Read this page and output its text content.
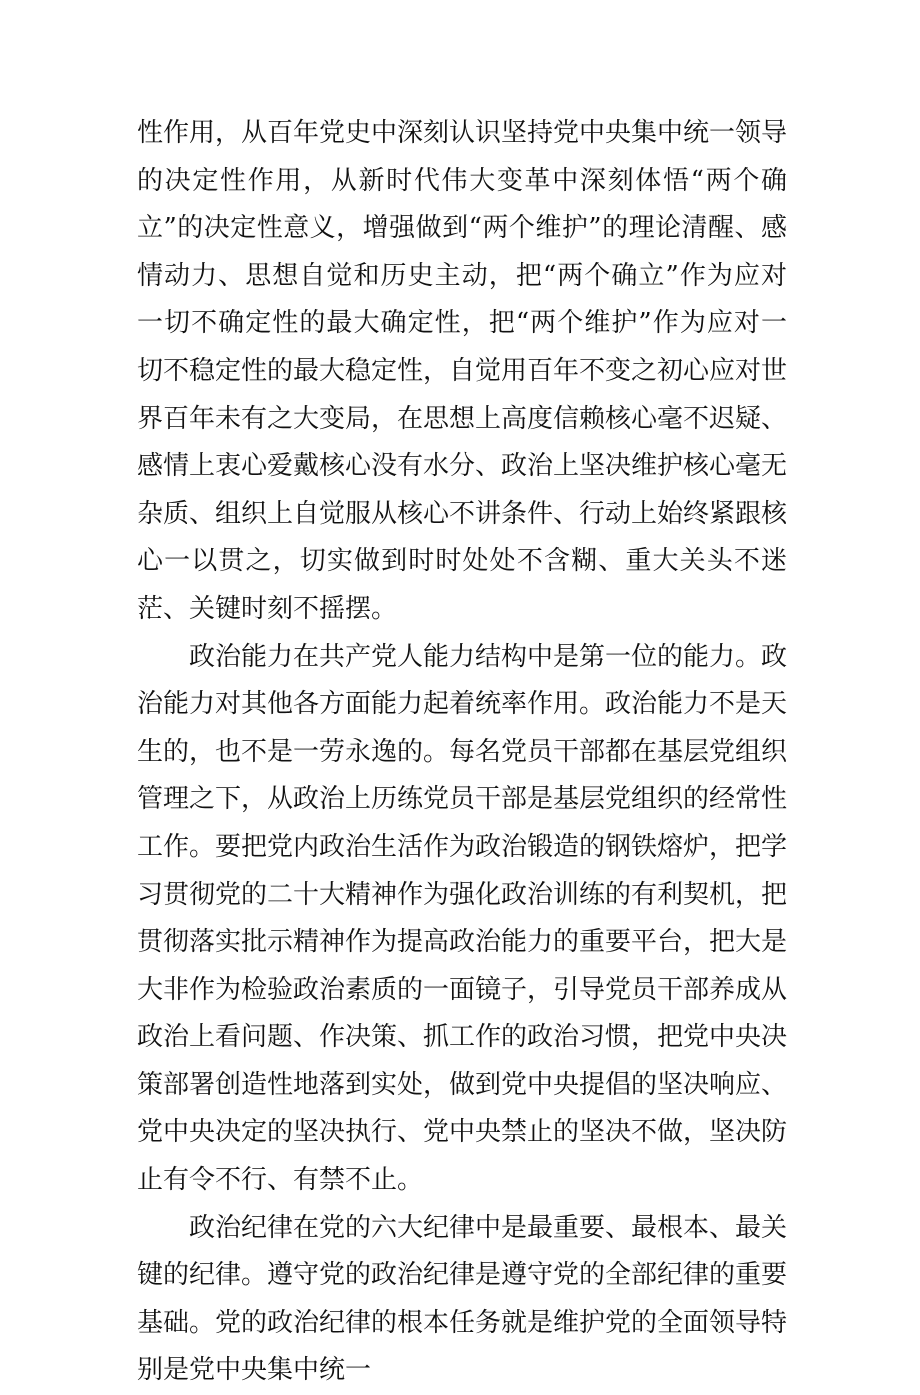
性作用，从百年党史中深刻认识坚持党中央集中统一领导的决定性作用，从新时代伟大变革中深刻体悟“两个确立”的决定性意义，增强做到“两个维护”的理论清醒、感情动力、思想自觉和历史主动，把“两个确立”作为应对一切不确定性的最大确定性，把“两个维护”作为应对一切不稳定性的最大稳定性，自觉用百年不变之初心应对世界百年未有之大变局，在思想上高度信赖核心毫不迟疑、感情上衷心爱戴核心没有水分、政治上坚决维护核心毫无杂质、组织上自觉服从核心不讲条件、行动上始终紧跟核心一以贯之，切实做到时时处处不含糊、重大关头不迷茫、关键时刻不摇摆。

政治能力在共产党人能力结构中是第一位的能力。政治能力对其他各方面能力起着统率作用。政治能力不是天生的，也不是一劳永逸的。每名党员干部都在基层党组织管理之下，从政治上历练党员干部是基层党组织的经常性工作。要把党内政治生活作为政治锻造的钢铁熔炉，把学习贯彻党的二十大精神作为强化政治训练的有利契机，把贯彻落实批示精神作为提高政治能力的重要平台，把大是大非作为检验政治素质的一面镜子，引导党员干部养成从政治上看问题、作决策、抓工作的政治习惯，把党中央决策部署创造性地落到实处，做到党中央提倡的坚决响应、党中央决定的坚决执行、党中央禁止的坚决不做，坚决防止有令不行、有禁不止。

政治纪律在党的六大纪律中是最重要、最根本、最关键的纪律。遵守党的政治纪律是遵守党的全部纪律的重要基础。党的政治纪律的根本任务就是维护党的全面领导特别是党中央集中统一
